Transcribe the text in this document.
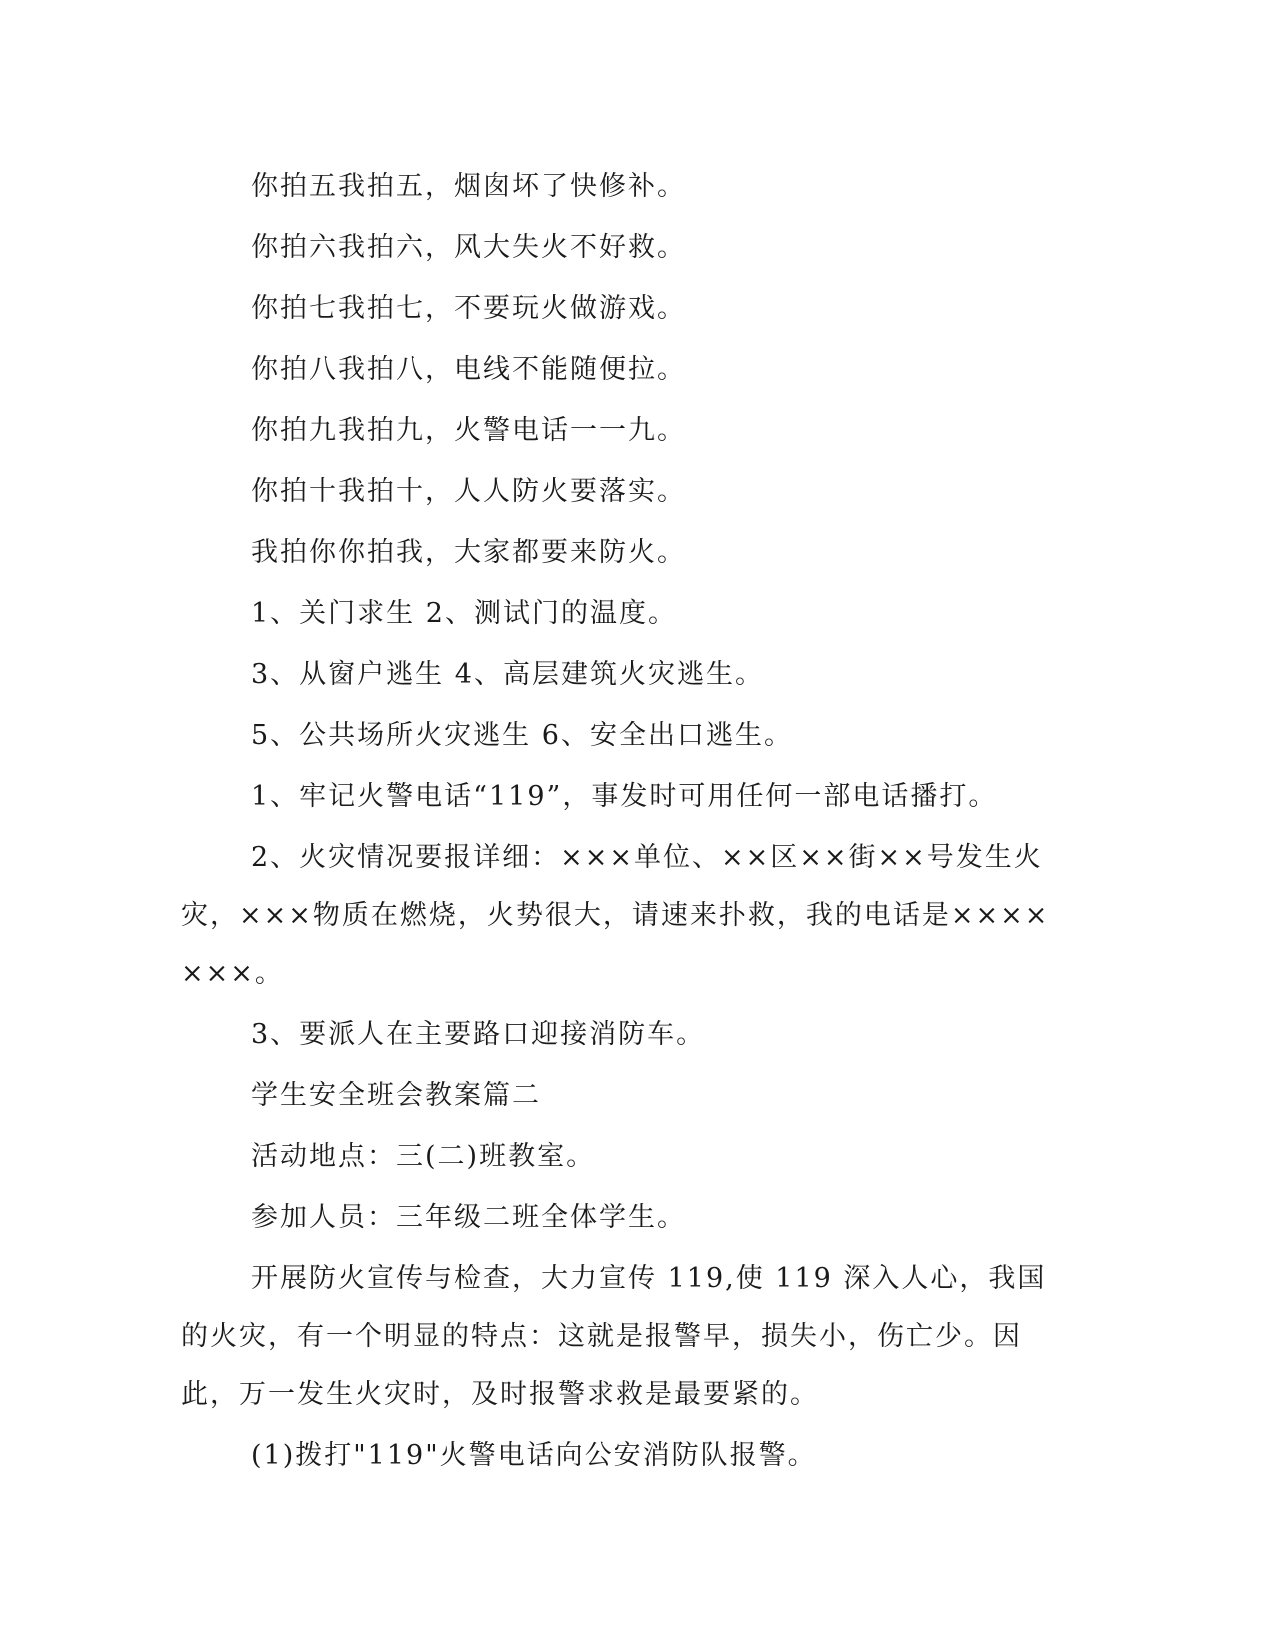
你拍五我拍五，烟囱坏了快修补。

你拍六我拍六，风大失火不好救。

你拍七我拍七，不要玩火做游戏。

你拍八我拍八，电线不能随便拉。

你拍九我拍九，火警电话一一九。

你拍十我拍十，人人防火要落实。

我拍你你拍我，大家都要来防火。

1、关门求生 2、测试门的温度。

3、从窗户逃生 4、高层建筑火灾逃生。

5、公共场所火灾逃生 6、安全出口逃生。

1、牢记火警电话“119”，事发时可用任何一部电话播打。

2、火灾情况要报详细：×××单位、××区××街××号发生火灾，×××物质在燃烧，火势很大，请速来扑救，我的电话是×××××××。

3、要派人在主要路口迎接消防车。

学生安全班会教案篇二

活动地点：三(二)班教室。

参加人员：三年级二班全体学生。

开展防火宣传与检查，大力宣传 119,使 119 深入人心，我国的火灾，有一个明显的特点：这就是报警早，损失小，伤亡少。因此，万一发生火灾时，及时报警求救是最要紧的。

(1)拨打"119"火警电话向公安消防队报警。
